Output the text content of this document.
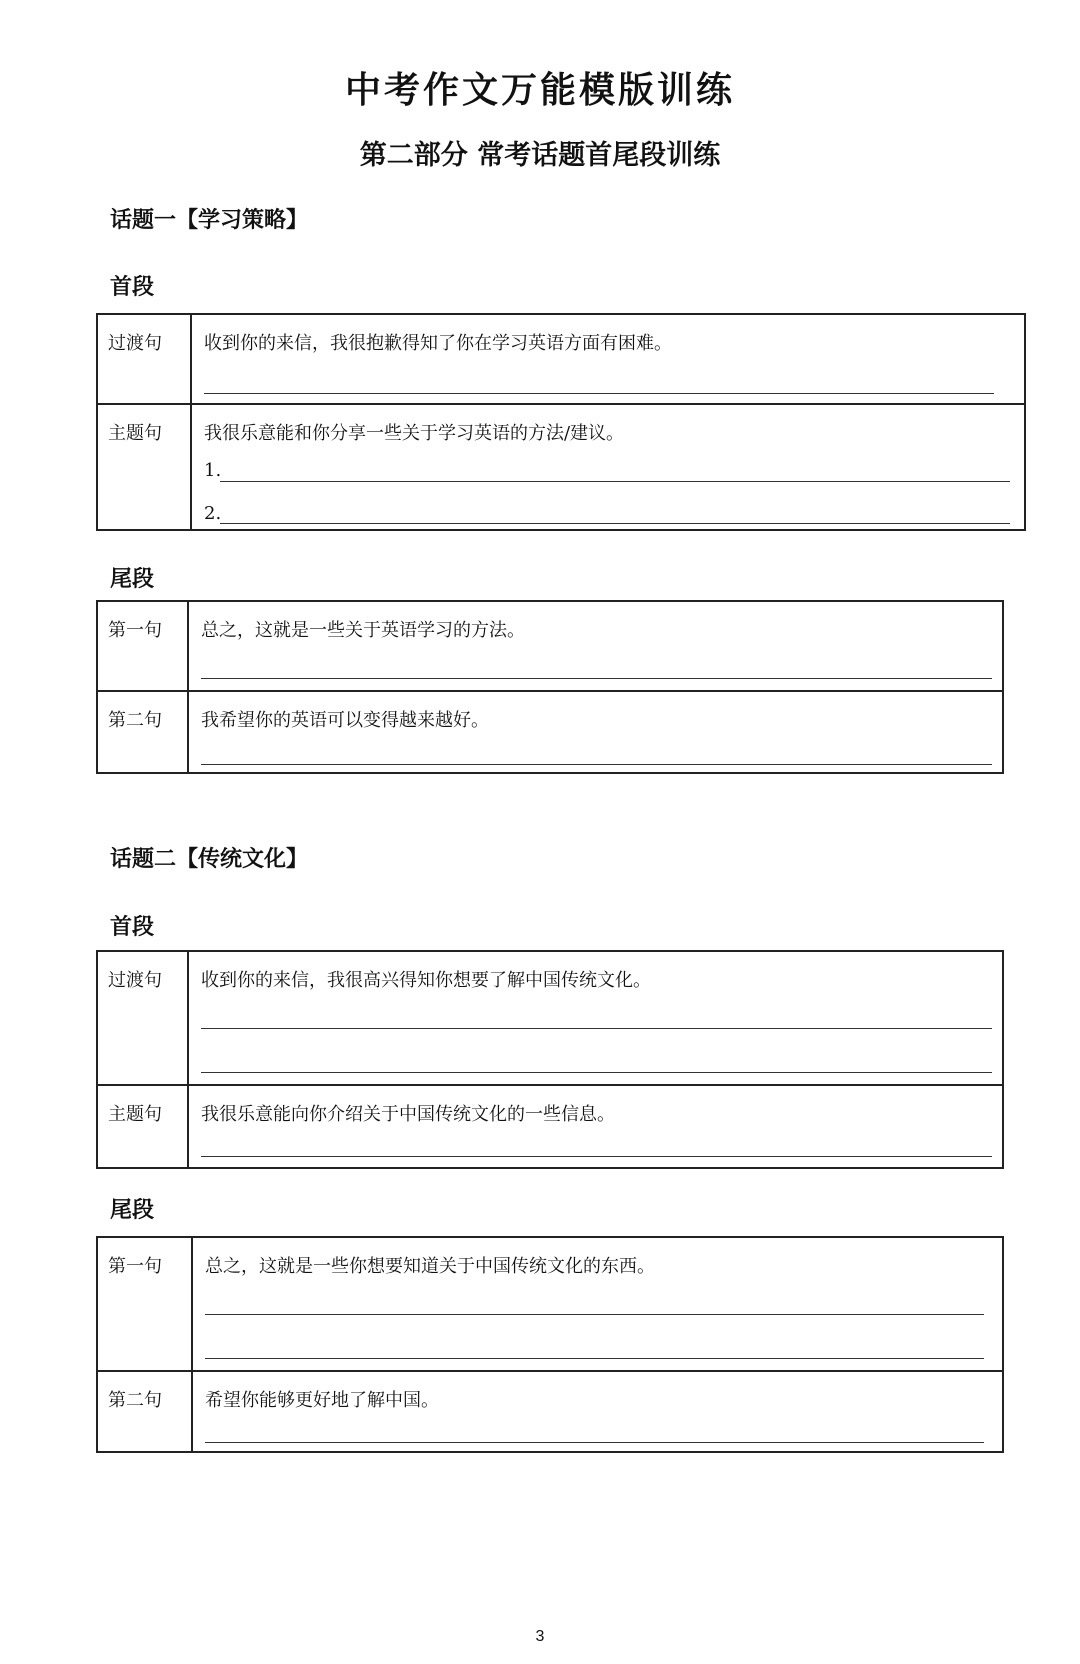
中考作文万能模版训练
第二部分 常考话题首尾段训练
话题一【学习策略】
首段
过渡句	收到你的来信，我很抱歉得知了你在学习英语方面有困难。
主题句	我很乐意能和你分享一些关于学习英语的方法/建议。
1.
2.
尾段
第一句	总之，这就是一些关于英语学习的方法。
第二句	我希望你的英语可以变得越来越好。
话题二【传统文化】
首段
过渡句	收到你的来信，我很高兴得知你想要了解中国传统文化。
主题句	我很乐意能向你介绍关于中国传统文化的一些信息。
尾段
第一句	总之，这就是一些你想要知道关于中国传统文化的东西。
第二句	希望你能够更好地了解中国。
3
